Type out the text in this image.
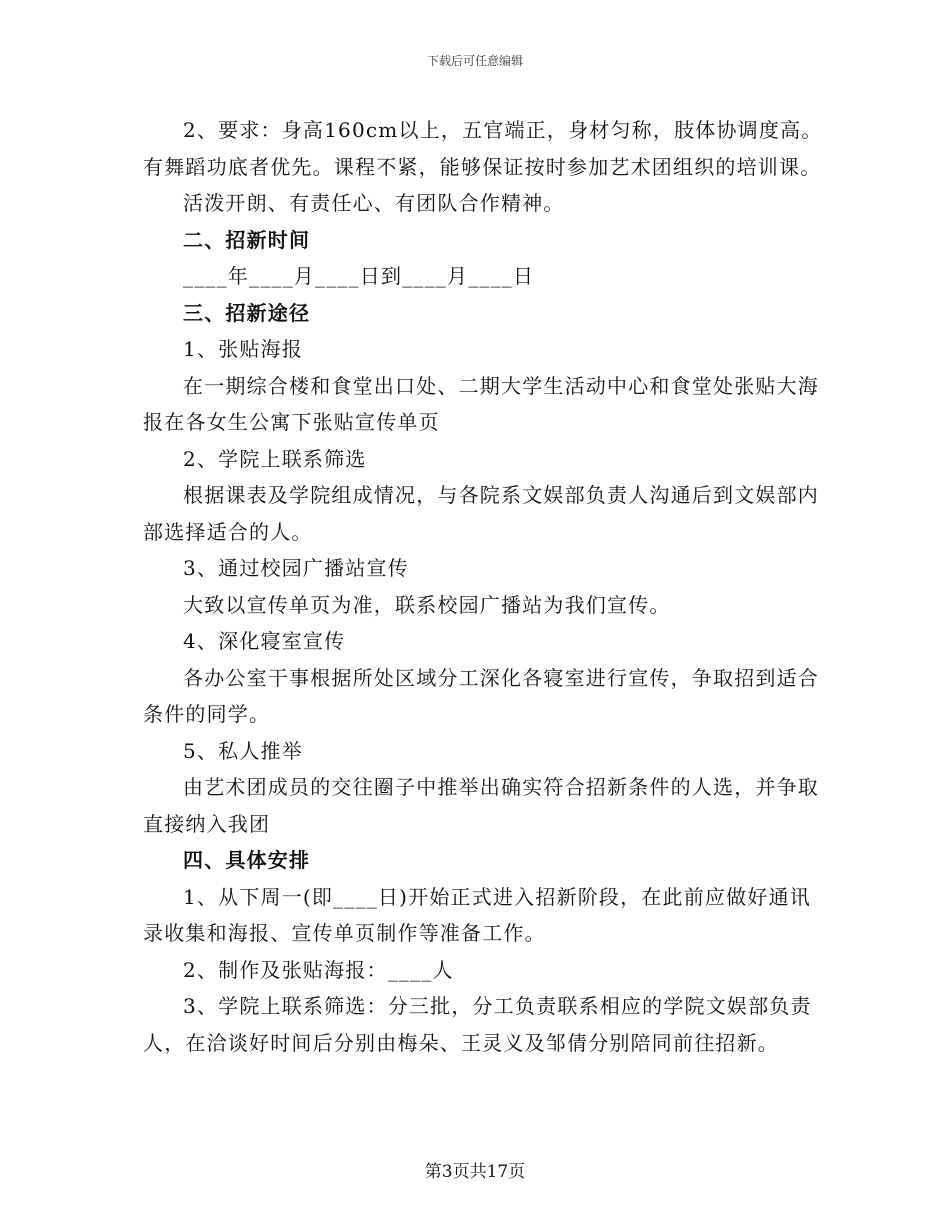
下载后可任意编辑

2、要求：身高160cm以上，五官端正，身材匀称，肢体协调度高。有舞蹈功底者优先。课程不紧，能够保证按时参加艺术团组织的培训课。

活泼开朗、有责任心、有团队合作精神。

二、招新时间

____年____月____日到____月____日

三、招新途径

1、张贴海报

在一期综合楼和食堂出口处、二期大学生活动中心和食堂处张贴大海报在各女生公寓下张贴宣传单页

2、学院上联系筛选

根据课表及学院组成情况，与各院系文娱部负责人沟通后到文娱部内部选择适合的人。

3、通过校园广播站宣传

大致以宣传单页为准，联系校园广播站为我们宣传。

4、深化寝室宣传

各办公室干事根据所处区域分工深化各寝室进行宣传，争取招到适合条件的同学。

5、私人推举

由艺术团成员的交往圈子中推举出确实符合招新条件的人选，并争取直接纳入我团

四、具体安排

1、从下周一(即____日)开始正式进入招新阶段，在此前应做好通讯录收集和海报、宣传单页制作等准备工作。

2、制作及张贴海报：____人

3、学院上联系筛选：分三批，分工负责联系相应的学院文娱部负责人，在洽谈好时间后分别由梅朵、王灵义及邹倩分别陪同前往招新。

第3页共17页
